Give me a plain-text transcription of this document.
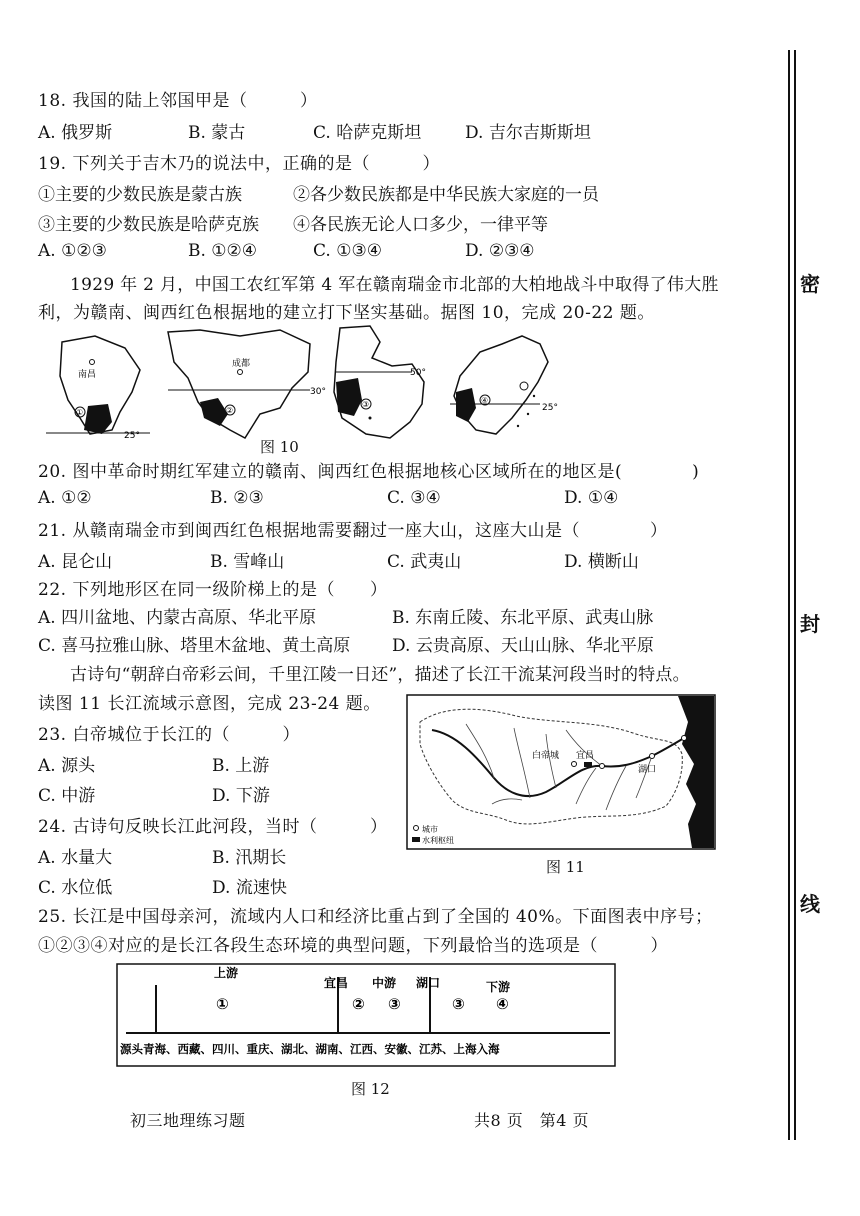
密
封
线
18. 我国的陆上邻国甲是（　　　）
A. 俄罗斯	B. 蒙古	C. 哈萨克斯坦	D. 吉尔吉斯斯坦
19. 下列关于吉木乃的说法中，正确的是（　　　）
①主要的少数民族是蒙古族	②各少数民族都是中华民族大家庭的一员
③主要的少数民族是哈萨克族 ④各民族无论人口多少，一律平等
A. ①②③	B. ①②④	C. ①③④	D. ②③④
1929 年 2 月，中国工农红军第 4 军在赣南瑞金市北部的大柏地战斗中取得了伟大胜
利，为赣南、闽西红色根据地的建立打下坚实基础。据图 10，完成 20-22 题。
南昌
①
25°
成都
②
30°
③
50°
④
25°
图 10
20. 图中革命时期红军建立的赣南、闽西红色根据地核心区域所在的地区是(　　　　)
A. ①②	B. ②③	C. ③④	D. ①④
21. 从赣南瑞金市到闽西红色根据地需要翻过一座大山，这座大山是（　　　　）
A. 昆仑山	B. 雪峰山	C. 武夷山	D. 横断山
22. 下列地形区在同一级阶梯上的是（　　）
A. 四川盆地、内蒙古高原、华北平原	B. 东南丘陵、东北平原、武夷山脉
C. 喜马拉雅山脉、塔里木盆地、黄土高原 D. 云贵高原、天山山脉、华北平原
古诗句“朝辞白帝彩云间，千里江陵一日还”，描述了长江干流某河段当时的特点。
读图 11 长江流域示意图，完成 23-24 题。
23. 白帝城位于长江的（　　　）
A. 源头	B. 上游
C. 中游	D. 下游
24. 古诗句反映长江此河段，当时（　　　）
A. 水量大	B. 汛期长
C. 水位低	D. 流速快
白帝城 宜昌
湖口
上海
城市
水利枢纽
图 11
25. 长江是中国母亲河，流域内人口和经济比重占到了全国的 40%。下面图表中序号；
①②③④对应的是长江各段生态环境的典型问题，下列最恰当的选项是（　　　）
上游
宜昌 中游 湖口	下游
①	② ③	③ ④
源头青海、西藏、四川、重庆、湖北、湖南、江西、安徽、江苏、上海入海
图 12
初三地理练习题	共8 页　第4 页
